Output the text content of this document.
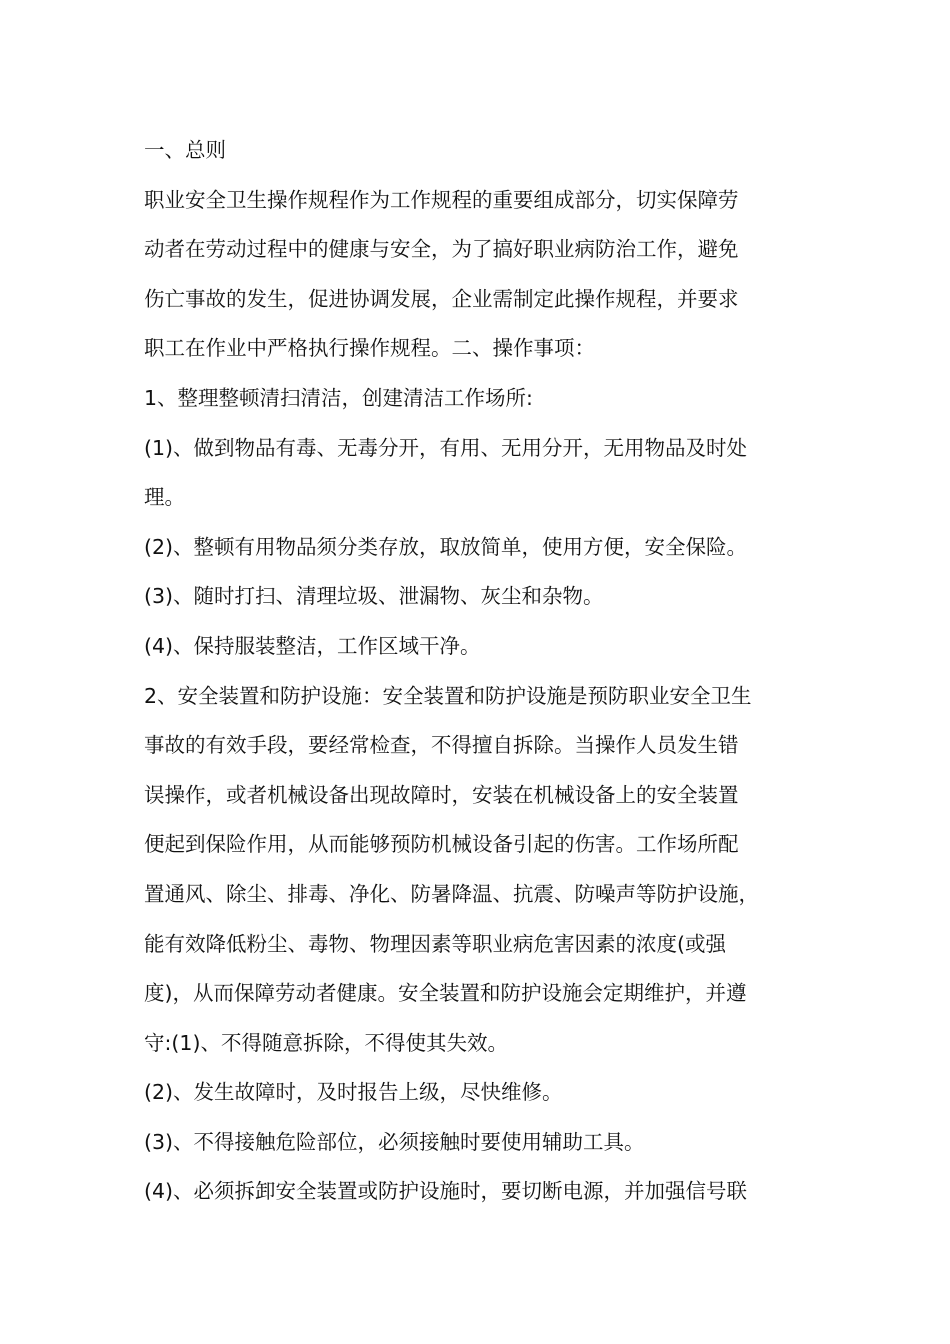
一、总则
职业安全卫生操作规程作为工作规程的重要组成部分，切实保障劳
动者在劳动过程中的健康与安全，为了搞好职业病防治工作，避免
伤亡事故的发生，促进协调发展，企业需制定此操作规程，并要求
职工在作业中严格执行操作规程。二、操作事项：
1、整理整顿清扫清洁，创建清洁工作场所:
(1)、做到物品有毒、无毒分开，有用、无用分开，无用物品及时处
理。
(2)、整顿有用物品须分类存放，取放简单，使用方便，安全保险。
(3)、随时打扫、清理垃圾、泄漏物、灰尘和杂物。
(4)、保持服装整洁，工作区域干净。
2、安全装置和防护设施：安全装置和防护设施是预防职业安全卫生
事故的有效手段，要经常检查，不得擅自拆除。当操作人员发生错
误操作，或者机械设备出现故障时，安装在机械设备上的安全装置
便起到保险作用，从而能够预防机械设备引起的伤害。工作场所配
置通风、除尘、排毒、净化、防暑降温、抗震、防噪声等防护设施，
能有效降低粉尘、毒物、物理因素等职业病危害因素的浓度(或强
度)，从而保障劳动者健康。安全装置和防护设施会定期维护，并遵
守:(1)、不得随意拆除，不得使其失效。
(2)、发生故障时，及时报告上级，尽快维修。
(3)、不得接触危险部位，必须接触时要使用辅助工具。
(4)、必须拆卸安全装置或防护设施时，要切断电源，并加强信号联
